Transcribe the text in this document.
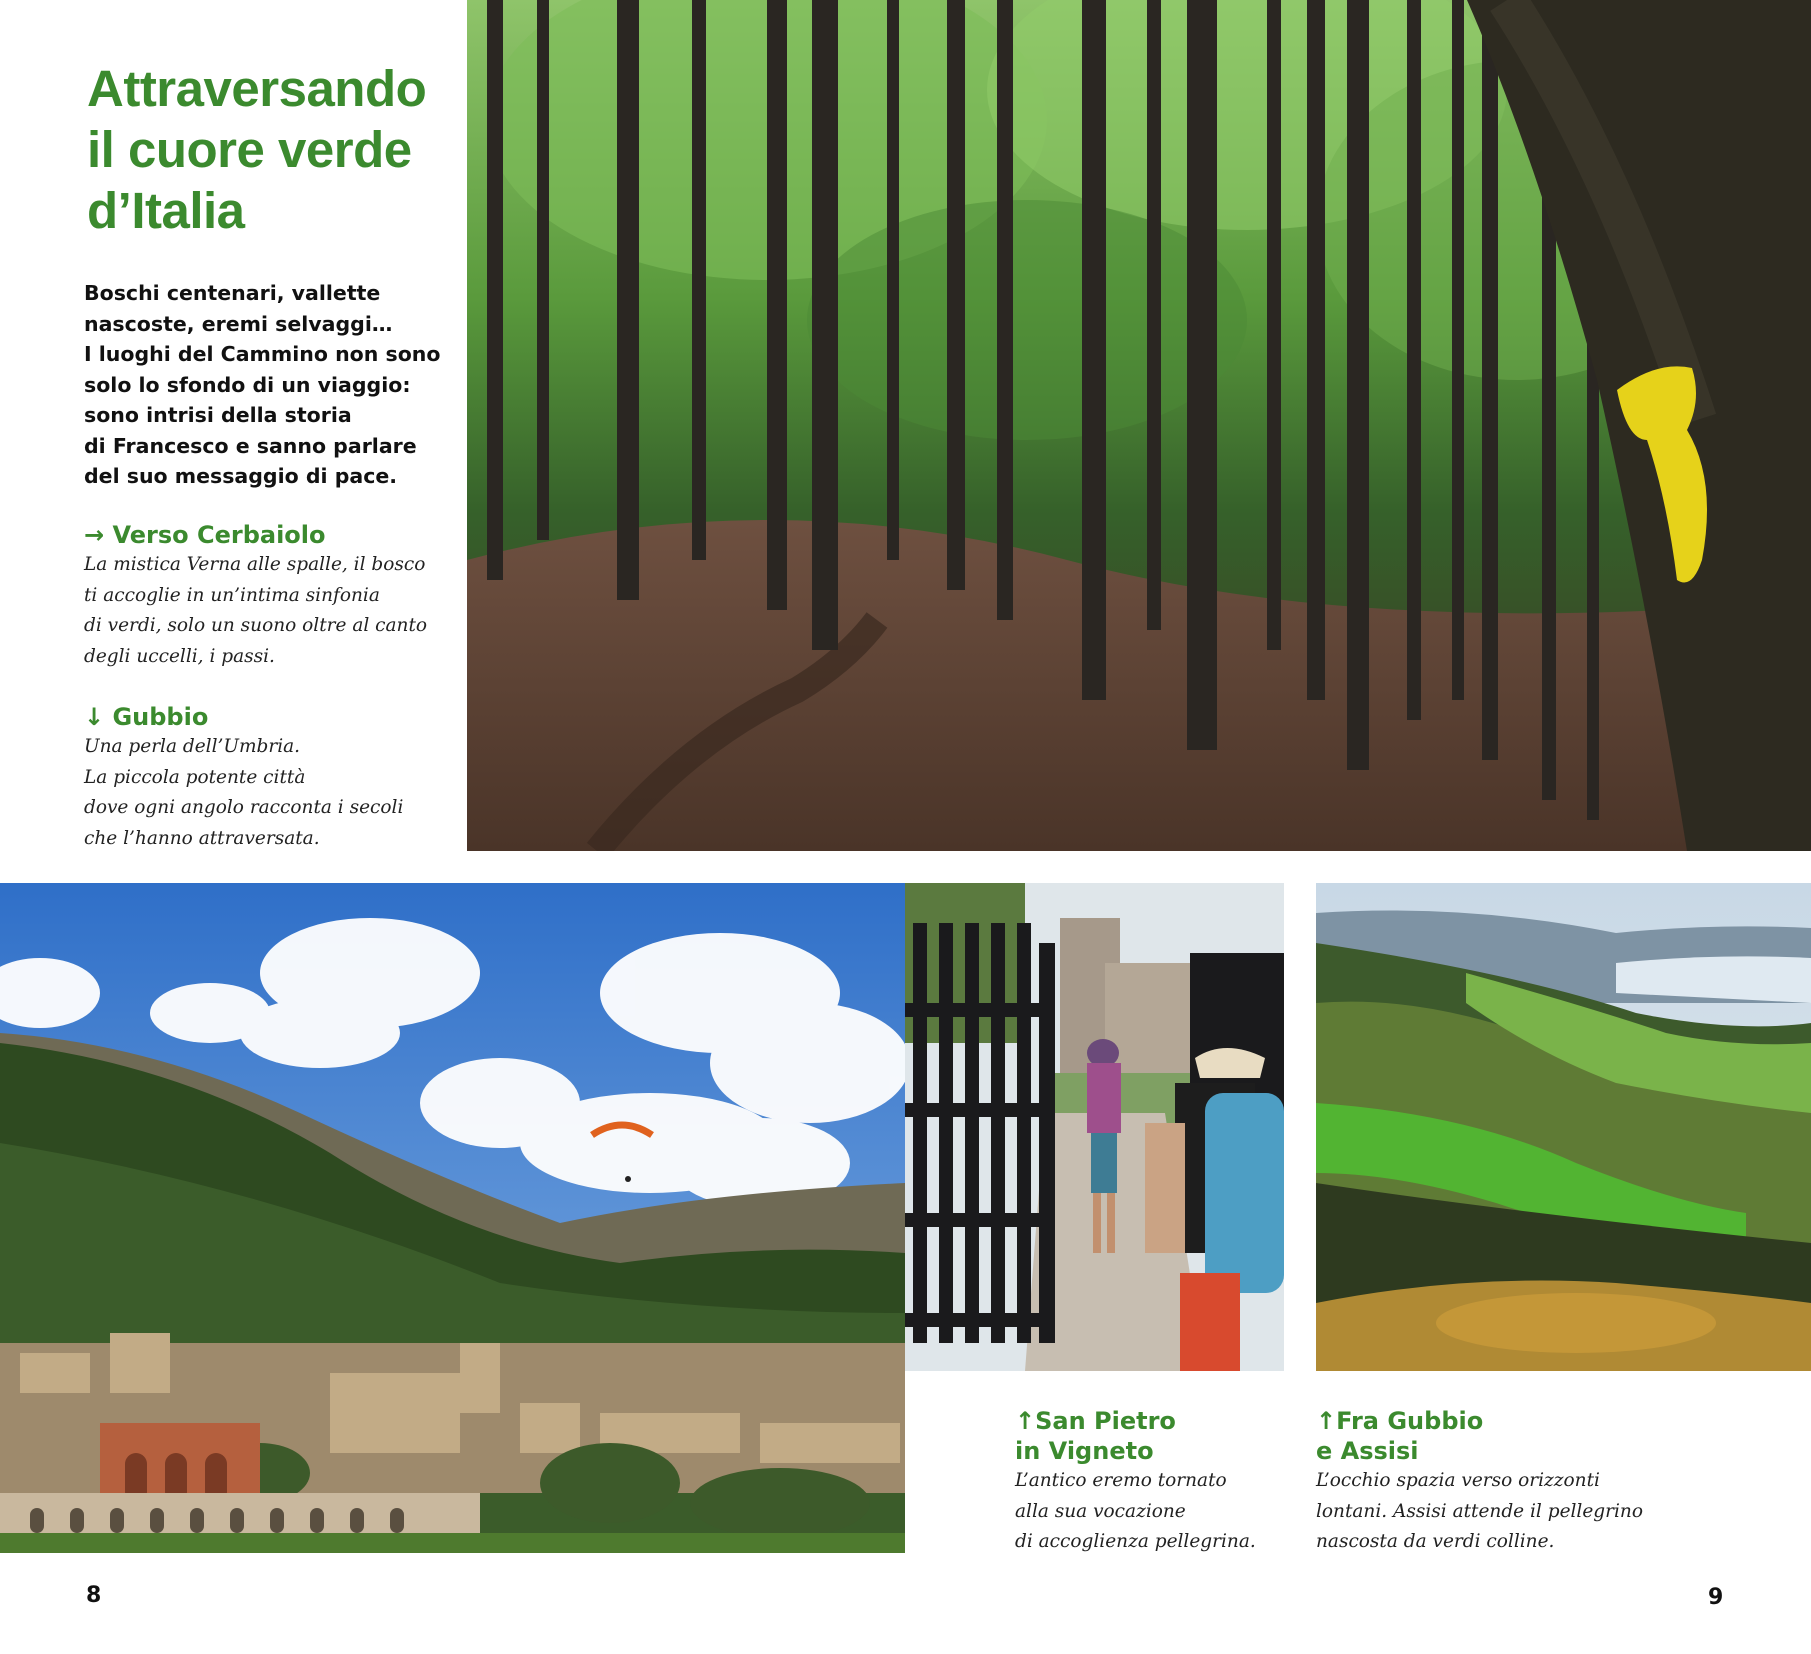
Attraversando
il cuore verde
d’Italia

Boschi centenari, vallette
nascoste, eremi selvaggi…
I luoghi del Cammino non sono
solo lo sfondo di un viaggio:
sono intrisi della storia
di Francesco e sanno parlare
del suo messaggio di pace.

→ Verso Cerbaiolo

La mistica Verna alle spalle, il bosco
ti accoglie in un’intima sinfonia
di verdi, solo un suono oltre al canto
degli uccelli, i passi.

↓ Gubbio

Una perla dell’Umbria.
La piccola potente città
dove ogni angolo racconta i secoli
che l’hanno attraversata.

↑San Pietro
in Vigneto

L’antico eremo tornato
alla sua vocazione
di accoglienza pellegrina.

↑Fra Gubbio
e Assisi

L’occhio spazia verso orizzonti
lontani. Assisi attende il pellegrino
nascosta da verdi colline.

8	9
